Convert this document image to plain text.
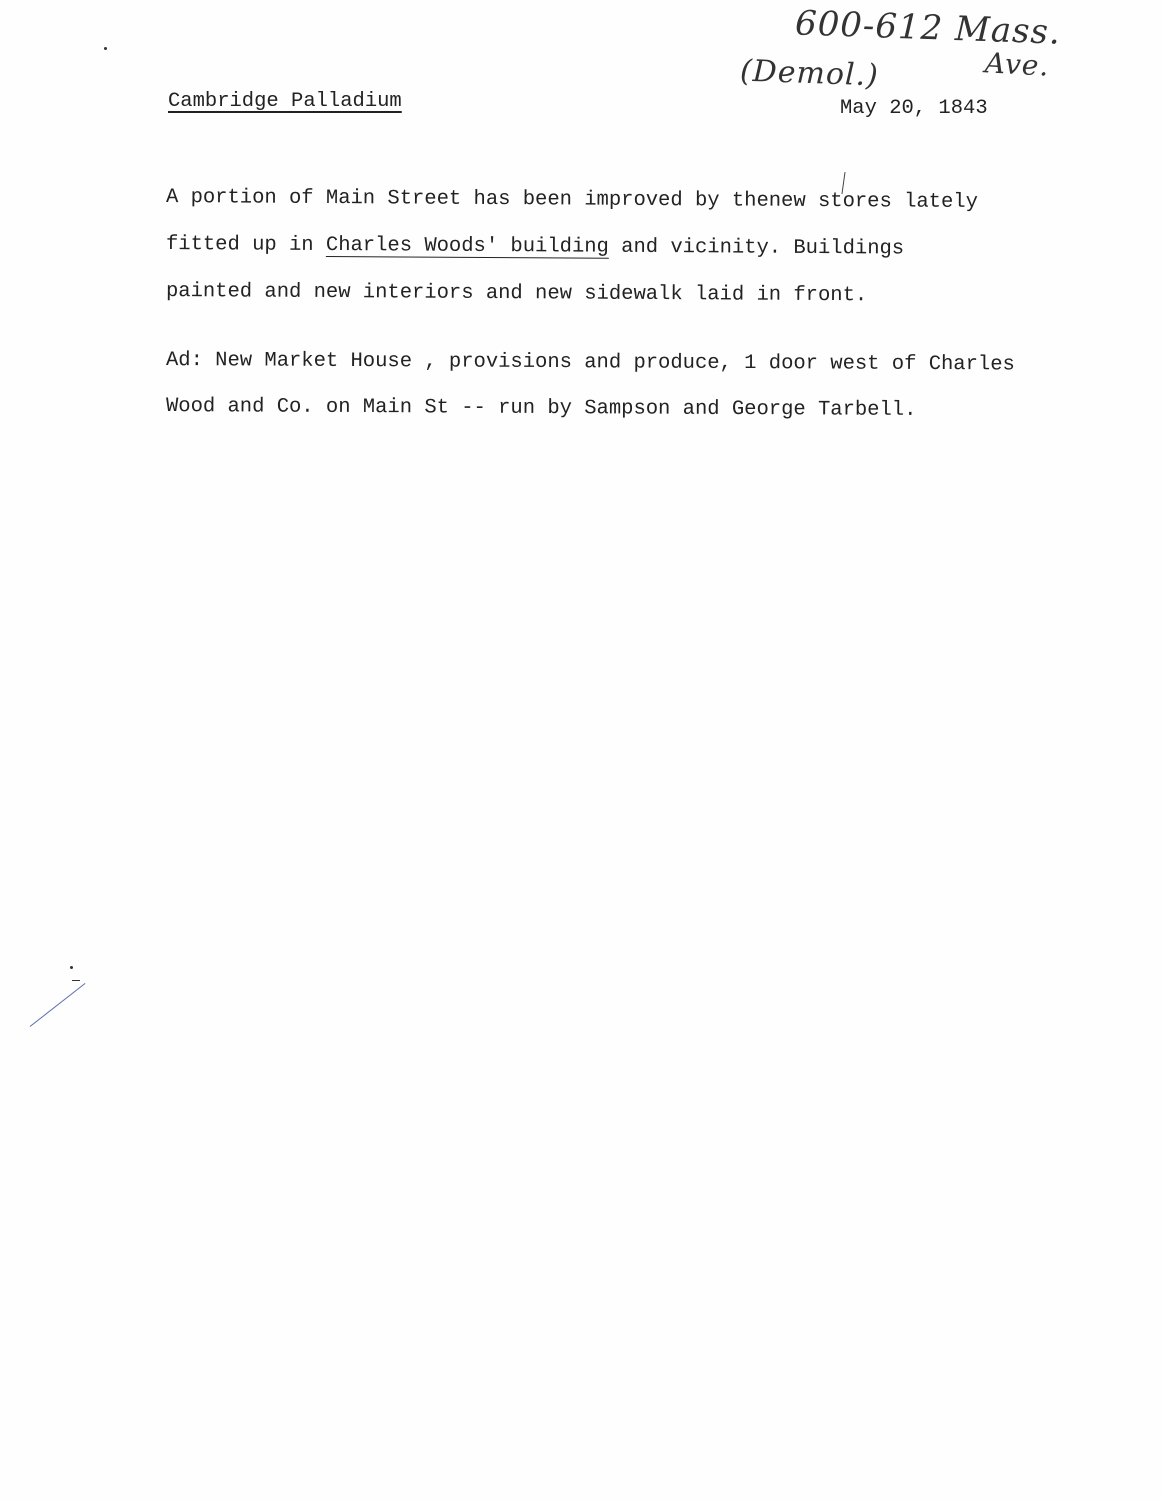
600-612 Mass.
Ave.
(Demol.)
Cambridge Palladium	May 20, 1843
A portion of Main Street has been improved by thenew stores lately
fitted up in Charles Woods' building and vicinity. Buildings
painted and new interiors and new sidewalk laid in front.
Ad: New Market House , provisions and produce, 1 door west of Charles
Wood and Co. on Main St -- run by Sampson and George Tarbell.
